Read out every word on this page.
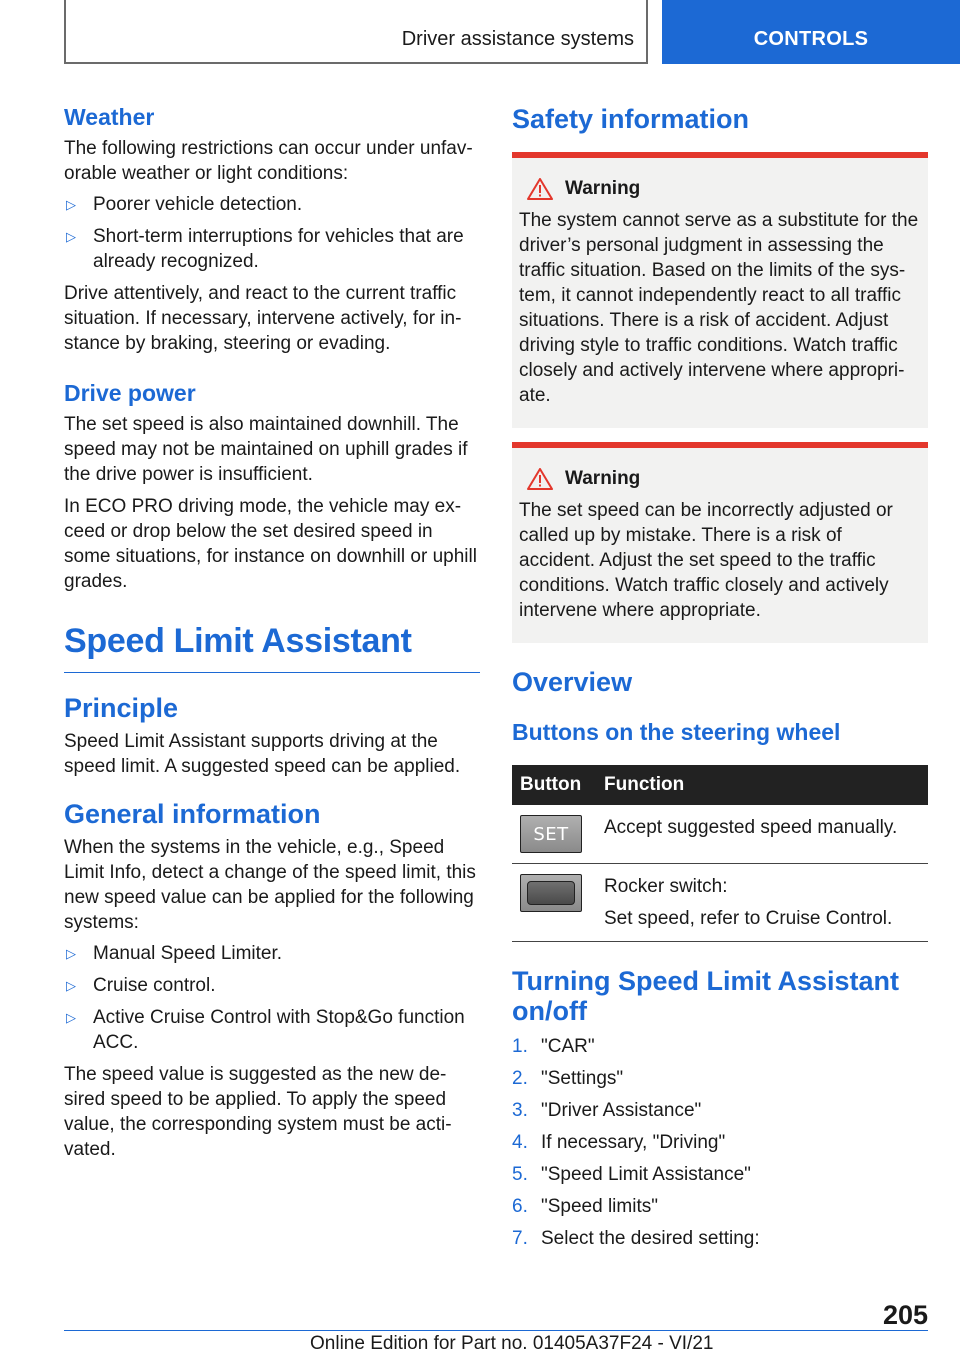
Driver assistance systems	CONTROLS
Weather

The following restrictions can occur under unfav-orable weather or light conditions:

▷ Poorer vehicle detection.
▷ Short-term interruptions for vehicles that are already recognized.

Drive attentively, and react to the current traffic situation. If necessary, intervene actively, for in-stance by braking, steering or evading.

Drive power

The set speed is also maintained downhill. The speed may not be maintained on uphill grades if the drive power is insufficient.

In ECO PRO driving mode, the vehicle may ex-ceed or drop below the set desired speed in some situations, for instance on downhill or uphill grades.

Speed Limit Assistant
Principle

Speed Limit Assistant supports driving at the speed limit. A suggested speed can be applied.

General information

When the systems in the vehicle, e.g., Speed Limit Info, detect a change of the speed limit, this new speed value can be applied for the following systems:

▷ Manual Speed Limiter.
▷ Cruise control.
▷ Active Cruise Control with Stop&Go function ACC.

The speed value is suggested as the new de-sired speed to be applied. To apply the speed value, the corresponding system must be acti-vated.

Safety information
Warning

The system cannot serve as a substitute for the driver’s personal judgment in assessing the traffic situation. Based on the limits of the sys-tem, it cannot independently react to all traffic situations. There is a risk of accident. Adjust driving style to traffic conditions. Watch traffic closely and actively intervene where appropri-ate.

Warning

The set speed can be incorrectly adjusted or called up by mistake. There is a risk of accident. Adjust the set speed to the traffic conditions. Watch traffic closely and actively intervene where appropriate.

Overview
Buttons on the steering wheel
Button	Function

SET	Accept suggested speed manually.

	Rocker switch:
Set speed, refer to Cruise Control.
Turning Speed Limit Assistant on/off
1. "CAR"
2. "Settings"
3. "Driver Assistance"
4. If necessary, "Driving"
5. "Speed Limit Assistance"
6. "Speed limits"
7. Select the desired setting:
205
Online Edition for Part no. 01405A37F24 - VI/21
